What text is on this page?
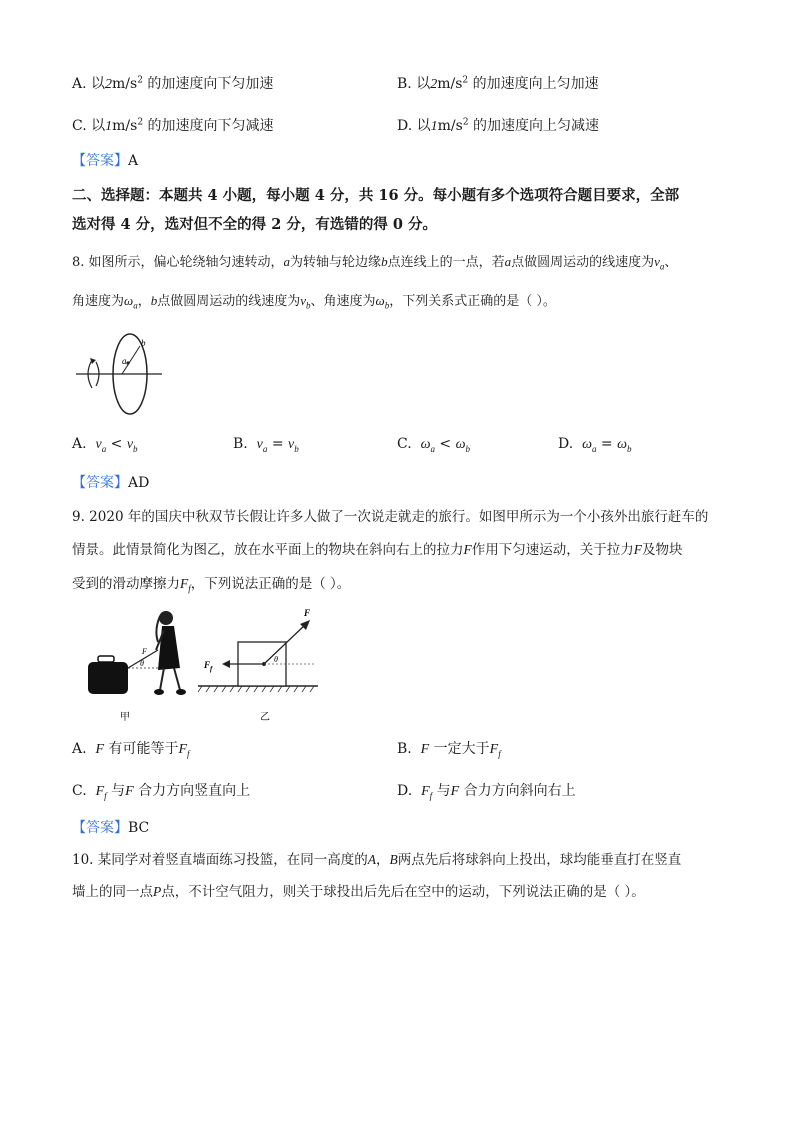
A. 以$2m/s^2$ 的加速度向下匀加速	B. 以$2m/s^2$ 的加速度向上匀加速
C. 以$1m/s^2$ 的加速度向下匀减速	D. 以$1m/s^2$ 的加速度向上匀减速
【答案】A
二、选择题：本题共 4 小题，每小题 4 分，共 16 分。每小题有多个选项符合题目要求，全部
选对得 4 分，选对但不全的得 2 分，有选错的得 0 分。
8. 如图所示，偏心轮绕轴匀速转动，a为转轴与轮边缘b点连线上的一点，若a点做圆周运动的线速度为$v_a$、
角速度为$\omega_a$，b点做圆周运动的线速度为$v_b$、角速度为$\omega_b$，下列关系式正确的是（ ）。
a
b
A. $v_a < v_b$	B. $v_a = v_b$	C. $\omega_a < \omega_b$	D. $\omega_a = \omega_b$
【答案】AD
9. 2020 年的国庆中秋双节长假让许多人做了一次说走就走的旅行。如图甲所示为一个小孩外出旅行赶车的
情景。此情景简化为图乙，放在水平面上的物块在斜向右上的拉力F作用下匀速运动，关于拉力F及物块
受到的滑动摩擦力$F_f$，下列说法正确的是（ ）。
F
θ
甲
F
$F_f$
θ
乙
A. F 有可能等于$F_f$	B. F 一定大于$F_f$
C. $F_f$ 与F 合力方向竖直向上	D. $F_f$ 与F 合力方向斜向右上
【答案】BC
10. 某同学对着竖直墙面练习投篮，在同一高度的A，B两点先后将球斜向上投出，球均能垂直打在竖直
墙上的同一点P点，不计空气阻力，则关于球投出后先后在空中的运动，下列说法正确的是（ ）。
